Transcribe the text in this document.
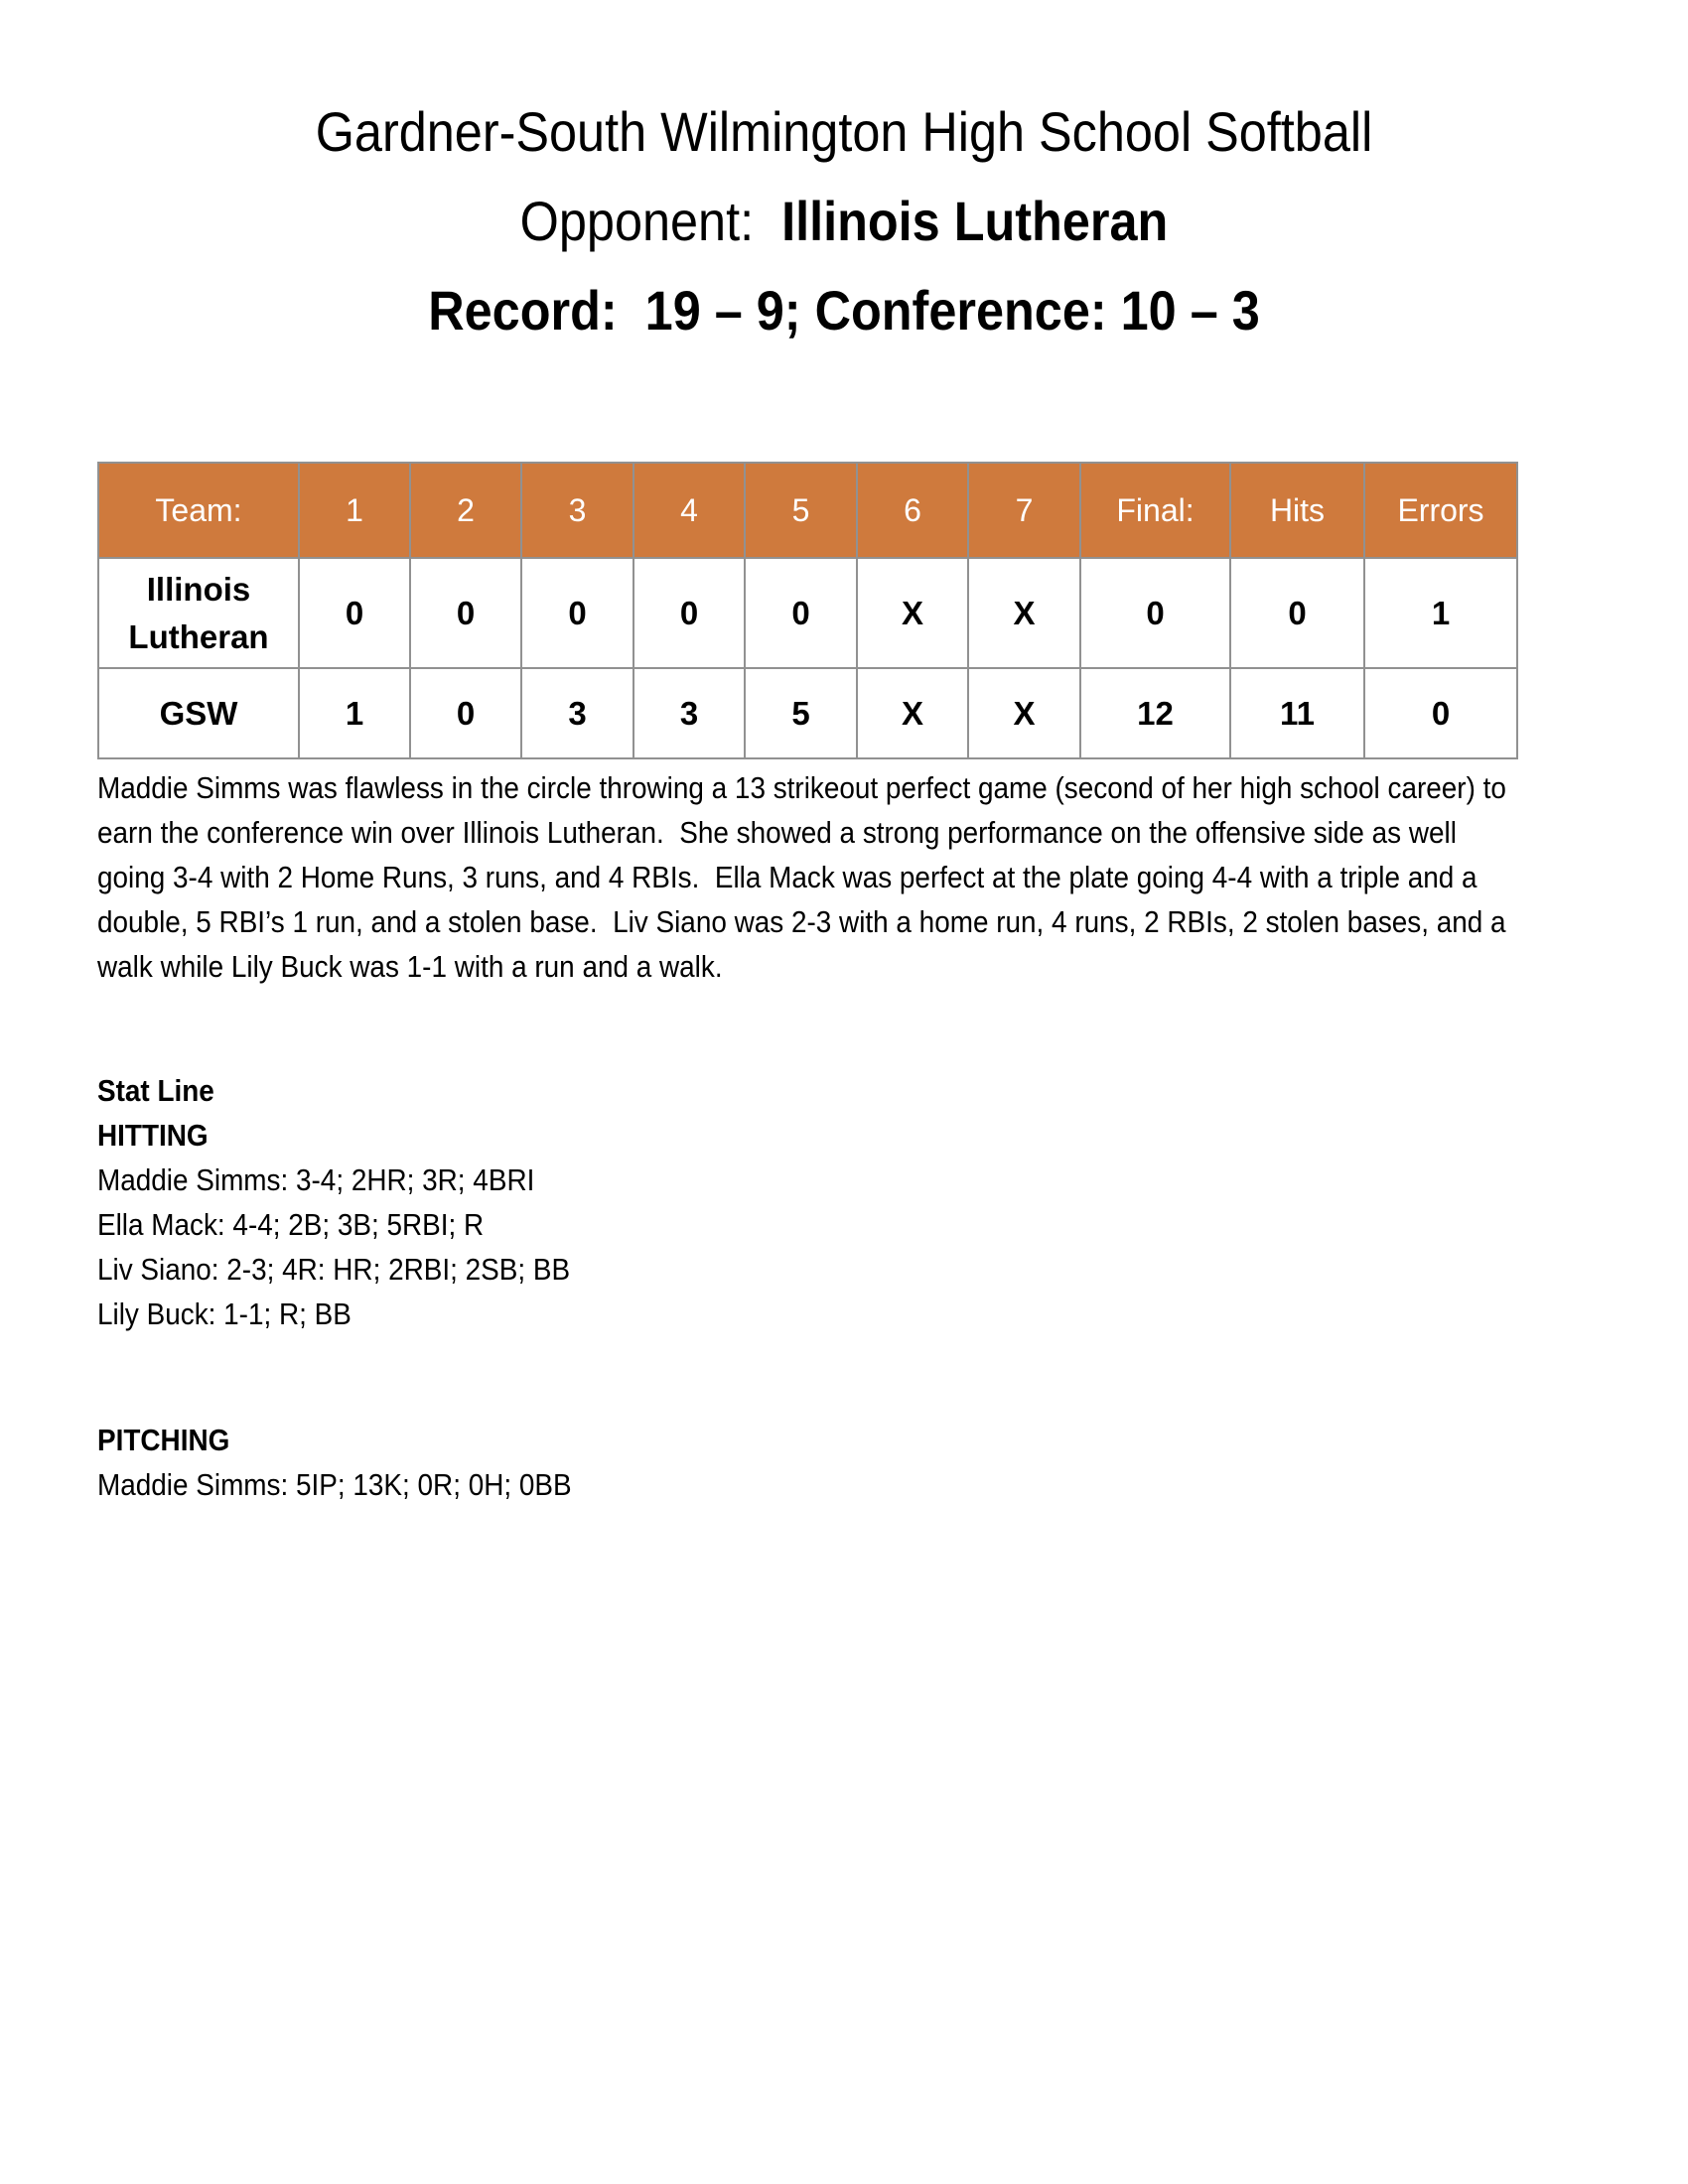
Gardner-South Wilmington High School Softball
Opponent:  Illinois Lutheran
Record:  19 – 9; Conference: 10 – 3
Team:	1	2	3	4	5	6	7	Final:	Hits	Errors
Illinois Lutheran	0	0	0	0	0	X	X	0	0	1
GSW	1	0	3	3	5	X	X	12	11	0

Maddie Simms was flawless in the circle throwing a 13 strikeout perfect game (second of her high school career) to earn the conference win over Illinois Lutheran.  She showed a strong performance on the offensive side as well going 3-4 with 2 Home Runs, 3 runs, and 4 RBIs.  Ella Mack was perfect at the plate going 4-4 with a triple and a double, 5 RBI’s 1 run, and a stolen base.  Liv Siano was 2-3 with a home run, 4 runs, 2 RBIs, 2 stolen bases, and a walk while Lily Buck was 1-1 with a run and a walk.

Stat Line
HITTING
Maddie Simms: 3-4; 2HR; 3R; 4BRI
Ella Mack: 4-4; 2B; 3B; 5RBI; R
Liv Siano: 2-3; 4R: HR; 2RBI; 2SB; BB
Lily Buck: 1-1; R; BB
PITCHING
Maddie Simms: 5IP; 13K; 0R; 0H; 0BB
